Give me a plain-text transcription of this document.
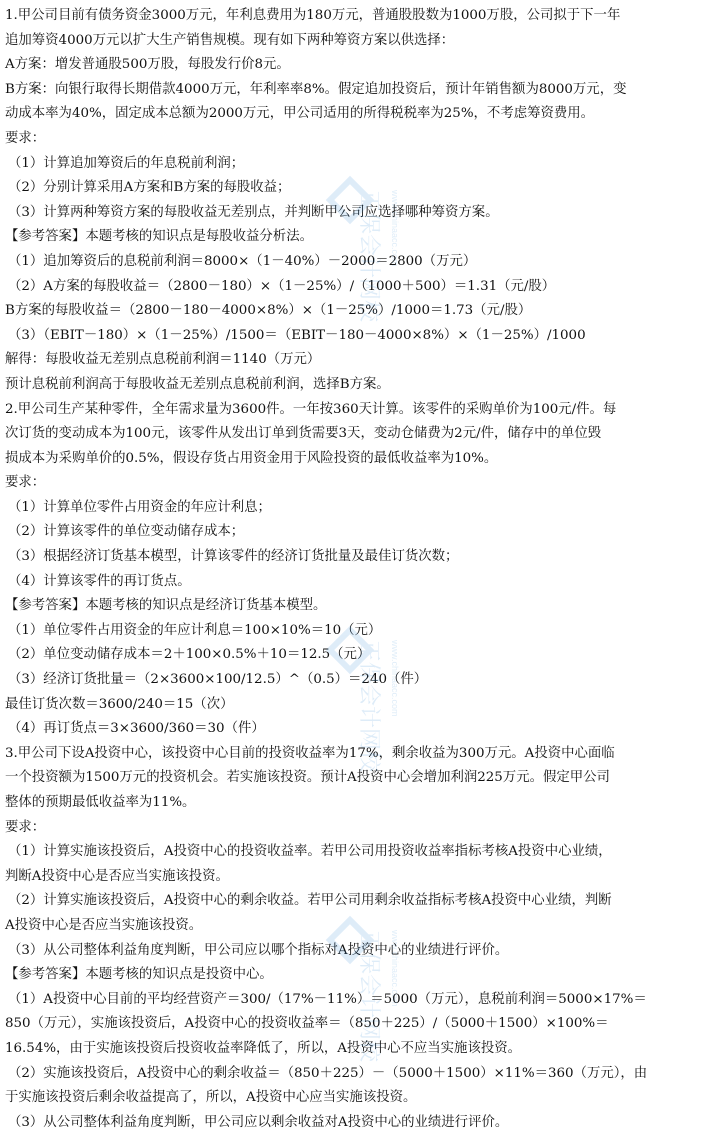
1.甲公司目前有债务资金3000万元，年利息费用为180万元，普通股股数为1000万股，公司拟于下一年
追加筹资4000万元以扩大生产销售规模。现有如下两种筹资方案以供选择：
A方案：增发普通股500万股，每股发行价8元。
B方案：向银行取得长期借款4000万元，年利率率8%。假定追加投资后，预计年销售额为8000万元，变
动成本率为40%，固定成本总额为2000万元，甲公司适用的所得税税率为25%，不考虑筹资费用。
要求：
（1）计算追加筹资后的年息税前利润；
（2）分别计算采用A方案和B方案的每股收益；
（3）计算两种筹资方案的每股收益无差别点，并判断甲公司应选择哪种筹资方案。
【参考答案】本题考核的知识点是每股收益分析法。
（1）追加筹资后的息税前利润＝8000×（1－40%）－2000＝2800（万元）
（2）A方案的每股收益＝（2800－180）×（1－25%）/（1000＋500）＝1.31（元/股）
B方案的每股收益＝（2800－180－4000×8%）×（1－25%）/1000＝1.73（元/股）
（3）（EBIT－180）×（1－25%）/1500＝（EBIT－180－4000×8%）×（1－25%）/1000
解得：每股收益无差别点息税前利润＝1140（万元）
预计息税前利润高于每股收益无差别点息税前利润，选择B方案。
2.甲公司生产某种零件，全年需求量为3600件。一年按360天计算。该零件的采购单价为100元/件。每
次订货的变动成本为100元，该零件从发出订单到货需要3天，变动仓储费为2元/件，储存中的单位毁
损成本为采购单价的0.5%，假设存货占用资金用于风险投资的最低收益率为10%。
要求：
（1）计算单位零件占用资金的年应计利息；
（2）计算该零件的单位变动储存成本；
（3）根据经济订货基本模型，计算该零件的经济订货批量及最佳订货次数；
（4）计算该零件的再订货点。
【参考答案】本题考核的知识点是经济订货基本模型。
（1）单位零件占用资金的年应计利息＝100×10%＝10（元）
（2）单位变动储存成本＝2＋100×0.5%＋10＝12.5（元）
（3）经济订货批量＝（2×3600×100/12.5）^（0.5）＝240（件）
最佳订货次数＝3600/240＝15（次）
（4）再订货点＝3×3600/360＝30（件）
3.甲公司下设A投资中心，该投资中心目前的投资收益率为17%，剩余收益为300万元。A投资中心面临
一个投资额为1500万元的投资机会。若实施该投资。预计A投资中心会增加利润225万元。假定甲公司
整体的预期最低收益率为11%。
要求：
（1）计算实施该投资后，A投资中心的投资收益率。若甲公司用投资收益率指标考核A投资中心业绩，
判断A投资中心是否应当实施该投资。
（2）计算实施该投资后，A投资中心的剩余收益。若甲公司用剩余收益指标考核A投资中心业绩，判断
A投资中心是否应当实施该投资。
（3）从公司整体利益角度判断，甲公司应以哪个指标对A投资中心的业绩进行评价。
【参考答案】本题考核的知识点是投资中心。
（1）A投资中心目前的平均经营资产＝300/（17%－11%）＝5000（万元），息税前利润＝5000×17%＝
850（万元），实施该投资后，A投资中心的投资收益率＝（850＋225）/（5000＋1500）×100%＝
16.54%，由于实施该投资后投资收益率降低了，所以，A投资中心不应当实施该投资。
（2）实施该投资后，A投资中心的剩余收益＝（850＋225）－（5000＋1500）×11%＝360（万元），由
于实施该投资后剩余收益提高了，所以，A投资中心应当实施该投资。
（3）从公司整体利益角度判断，甲公司应以剩余收益对A投资中心的业绩进行评价。
正保会计网校 www.chinaacc.com
正保会计网校 www.chinaacc.com
正保会计网校 www.chinaacc.com
